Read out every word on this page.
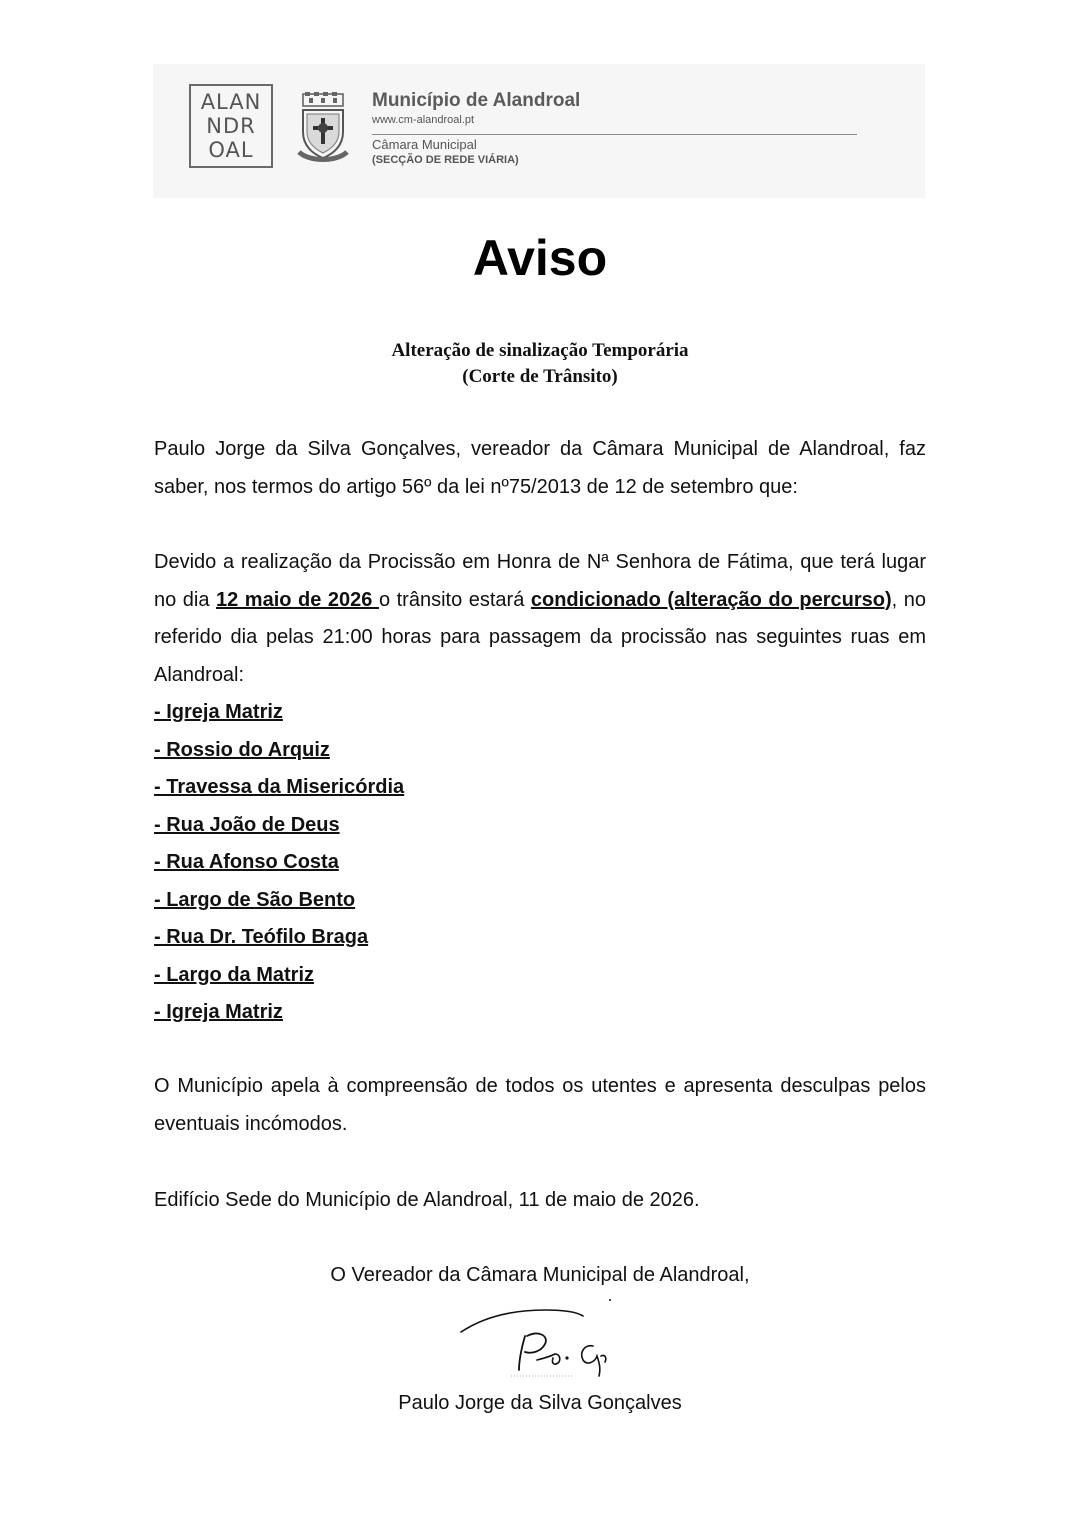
ALAN
NDR
OAL
Município de Alandroal
www.cm-alandroal.pt
Câmara Municipal
(SECÇÃO DE REDE VIÁRIA)
Aviso
Alteração de sinalização Temporária
(Corte de Trânsito)
Paulo Jorge da Silva Gonçalves, vereador da Câmara Municipal de Alandroal, faz saber, nos termos do artigo 56º da lei nº75/2013 de 12 de setembro que:
Devido a realização da Procissão em Honra de Nª Senhora de Fátima, que terá lugar no dia 12 maio de 2026 o trânsito estará condicionado (alteração do percurso), no referido dia pelas 21:00 horas para passagem da procissão nas seguintes ruas em Alandroal:
- Igreja Matriz
- Rossio do Arquiz
- Travessa da Misericórdia
- Rua João de Deus
- Rua Afonso Costa
- Largo de São Bento
- Rua Dr. Teófilo Braga
- Largo da Matriz
- Igreja Matriz
O Município apela à compreensão de todos os utentes e apresenta desculpas pelos eventuais incómodos.
Edifício Sede do Município de Alandroal, 11 de maio de 2026.
O Vereador da Câmara Municipal de Alandroal,
Paulo Jorge da Silva Gonçalves
